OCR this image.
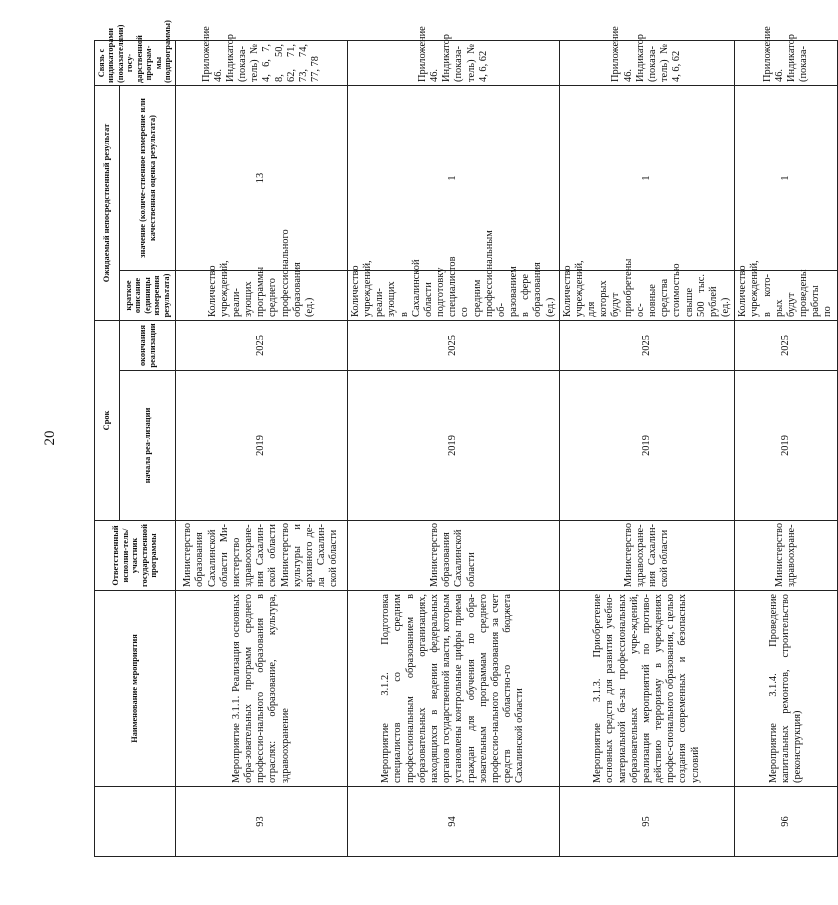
20
	Наименование мероприятия	Ответственный исполни-тель/участник государственной программы	Срок		Ожидаемый непосредственный результат		Связь с индикаторами (показателями) госу-дарственной програм-мы (подпрограммы)
			начала реа-лизации	окончания реализации	краткое описание (единицы измерения результата)	значение (количе-ственное измерение или качественная оценка результата)	
93	Мероприятие 3.1.1. Реализация основных обра-зовательных программ среднего профессио-нального образования в отраслях: образование, культура, здравоохранение	Министерство образования Сахалинской области Ми-нистерство здравоохране-ния Сахалин-ской области Министерство культуры и архивного де-ла Сахалин-ской области	2019	2025	Количество учреждений, реали-зующих программы среднего профессионального образования (ед.)	13	Приложение 46. Индикатор (показа-тель) № 4, 6, 7, 8, 50, 62, 71, 73, 74, 77, 78
94	Мероприятие 3.1.2. Подготовка специалистов со средним профессиональным образованием в образовательных организациях, находящихся в ведении федеральных органов государственной власти, которым установлены контрольные цифры приема граждан для обучения по обра-зовательным программам среднего профессио-нального образования за счет средств областно-го бюджета Сахалинской области	Министерство образования Сахалинской области	2019	2025	Количество учреждений, реали-зующих в Сахалинской области подготовку специалистов со средним профессиональным об-разованием в сфере образования (ед.)	1	Приложение 46. Индикатор (показа-тель) № 4, 6, 62
95	Мероприятие 3.1.3. Приобретение основных средств для развития учебно-материальной ба-зы профессиональных образовательных учре-ждений, реализация мероприятий по противо-действию терроризму в учреждениях профес-сионального образования, с целью создания современных и безопасных условий	Министерство здравоохране-ния Сахалин-ской области	2019	2025	Количество учреждений, для которых будут приобретены ос-новные средства стоимостью свыше 500 тыс. рублей (ед.)	1	Приложение 46. Индикатор (показа-тель) № 4, 6, 62
96	Мероприятие 3.1.4. Проведение капитальных ремонтов, строительство (реконструкция)	Министерство здравоохране-	2019	2025	Количество учреждений, в кото-рых будут проведены работы по	1	Приложение 46. Индикатор (показа-
